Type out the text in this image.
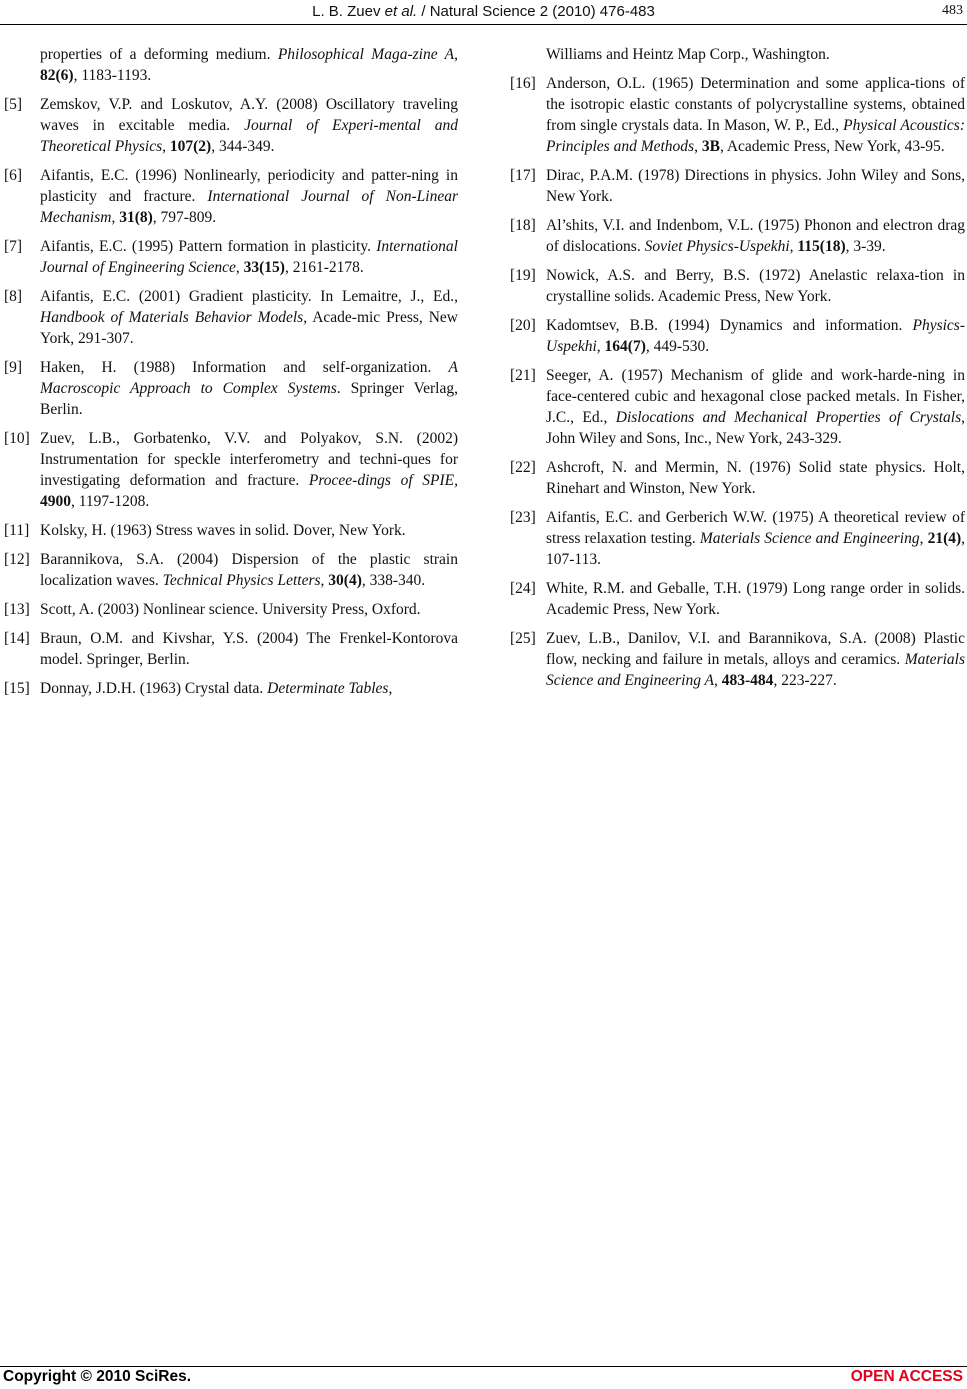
L. B. Zuev et al. / Natural Science 2 (2010) 476-483	483
properties of a deforming medium. Philosophical Maga-zine A, 82(6), 1183-1193.
[5] Zemskov, V.P. and Loskutov, A.Y. (2008) Oscillatory traveling waves in excitable media. Journal of Experi-mental and Theoretical Physics, 107(2), 344-349.
[6] Aifantis, E.C. (1996) Nonlinearly, periodicity and patter-ning in plasticity and fracture. International Journal of Non-Linear Mechanism, 31(8), 797-809.
[7] Aifantis, E.C. (1995) Pattern formation in plasticity. International Journal of Engineering Science, 33(15), 2161-2178.
[8] Aifantis, E.C. (2001) Gradient plasticity. In Lemaitre, J., Ed., Handbook of Materials Behavior Models, Acade-mic Press, New York, 291-307.
[9] Haken, H. (1988) Information and self-organization. A Macroscopic Approach to Complex Systems. Springer Verlag, Berlin.
[10] Zuev, L.B., Gorbatenko, V.V. and Polyakov, S.N. (2002) Instrumentation for speckle interferometry and techni-ques for investigating deformation and fracture. Procee-dings of SPIE, 4900, 1197-1208.
[11] Kolsky, H. (1963) Stress waves in solid. Dover, New York.
[12] Barannikova, S.A. (2004) Dispersion of the plastic strain localization waves. Technical Physics Letters, 30(4), 338-340.
[13] Scott, A. (2003) Nonlinear science. University Press, Oxford.
[14] Braun, O.M. and Kivshar, Y.S. (2004) The Frenkel-Kontorova model. Springer, Berlin.
[15] Donnay, J.D.H. (1963) Crystal data. Determinate Tables,
Williams and Heintz Map Corp., Washington.
[16] Anderson, O.L. (1965) Determination and some applica-tions of the isotropic elastic constants of polycrystalline systems, obtained from single crystals data. In Mason, W. P., Ed., Physical Acoustics: Principles and Methods, 3B, Academic Press, New York, 43-95.
[17] Dirac, P.A.M. (1978) Directions in physics. John Wiley and Sons, New York.
[18] Al’shits, V.I. and Indenbom, V.L. (1975) Phonon and electron drag of dislocations. Soviet Physics-Uspekhi, 115(18), 3-39.
[19] Nowick, A.S. and Berry, B.S. (1972) Anelastic relaxa-tion in crystalline solids. Academic Press, New York.
[20] Kadomtsev, B.B. (1994) Dynamics and information. Physics-Uspekhi, 164(7), 449-530.
[21] Seeger, A. (1957) Mechanism of glide and work-harde-ning in face-centered cubic and hexagonal close packed metals. In Fisher, J.C., Ed., Dislocations and Mechanical Properties of Crystals, John Wiley and Sons, Inc., New York, 243-329.
[22] Ashcroft, N. and Mermin, N. (1976) Solid state physics. Holt, Rinehart and Winston, New York.
[23] Aifantis, E.C. and Gerberich W.W. (1975) A theoretical review of stress relaxation testing. Materials Science and Engineering, 21(4), 107-113.
[24] White, R.M. and Geballe, T.H. (1979) Long range order in solids. Academic Press, New York.
[25] Zuev, L.B., Danilov, V.I. and Barannikova, S.A. (2008) Plastic flow, necking and failure in metals, alloys and ceramics. Materials Science and Engineering A, 483-484, 223-227.
Copyright © 2010 SciRes.	OPEN ACCESS
